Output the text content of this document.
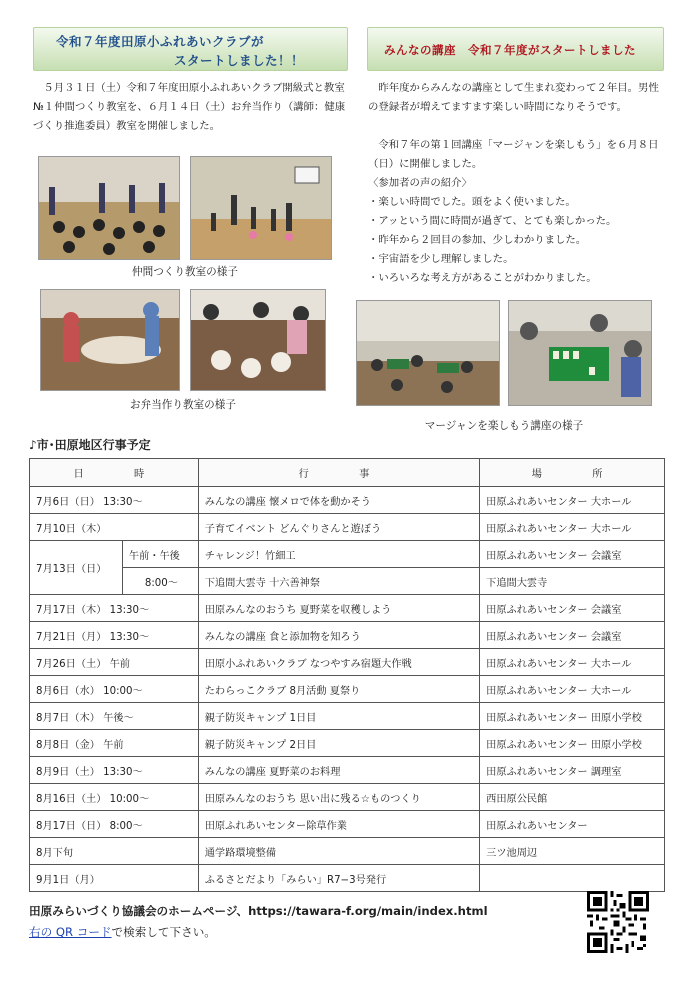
令和７年度田原小ふれあいクラブが
スタートしました！！
みんなの講座　令和７年度がスタートしました
　５月３１日（土）令和７年度田原小ふれあいクラブ開級式と教室№１仲間つくり教室を、６月１４日（土）お弁当作り（講師：健康づくり推進委員）教室を開催しました。
仲間つくり教室の様子
お弁当作り教室の様子
　昨年度からみんなの講座として生まれ変わって２年目。男性の登録者が増えてますます楽しい時間になりそうです。
　令和７年の第１回講座「マージャンを楽しもう」を６月８日（日）に開催しました。
〈参加者の声の紹介〉
・楽しい時間でした。頭をよく使いました。
・アッという間に時間が過ぎて、とても楽しかった。
・昨年から２回目の参加、少しわかりました。
・宇宙語を少し理解しました。
・いろいろな考え方があることがわかりました。
マージャンを楽しもう講座の様子
♪市･田原地区行事予定
日　　時		行　　事	場　　所
7月6日（日） 13:30～		みんなの講座 懐メロで体を動かそう	田原ふれあいセンター 大ホール
7月10日（木）		子育てイベント どんぐりさんと遊ぼう	田原ふれあいセンター 大ホール
7月13日（日）	午前・午後	チャレンジ！竹細工	田原ふれあいセンター 会議室
	8:00～	下追間大雲寺 十六善神祭	下追間大雲寺
7月17日（木） 13:30～		田原みんなのおうち 夏野菜を収穫しよう	田原ふれあいセンター 会議室
7月21日（月） 13:30～		みんなの講座 食と添加物を知ろう	田原ふれあいセンター 会議室
7月26日（土） 午前		田原小ふれあいクラブ なつやすみ宿題大作戦	田原ふれあいセンター 大ホール
8月6日（水） 10:00～		たわらっこクラブ 8月活動 夏祭り	田原ふれあいセンター 大ホール
8月7日（木） 午後～		親子防災キャンプ 1日目	田原ふれあいセンター 田原小学校
8月8日（金） 午前		親子防災キャンプ 2日目	田原ふれあいセンター 田原小学校
8月9日（土） 13:30～		みんなの講座 夏野菜のお料理	田原ふれあいセンター 調理室
8月16日（土） 10:00～		田原みんなのおうち 思い出に残る☆ものつくり	西田原公民館
8月17日（日） 8:00～		田原ふれあいセンター除草作業	田原ふれあいセンター
8月下旬		通学路環境整備	三ツ池周辺
9月1日（月）		ふるさとだより「みらい」R7−3号発行	
田原みらいづくり協議会のホームページ、https://tawara-f.org/main/index.html
右の QR コードで検索して下さい。
